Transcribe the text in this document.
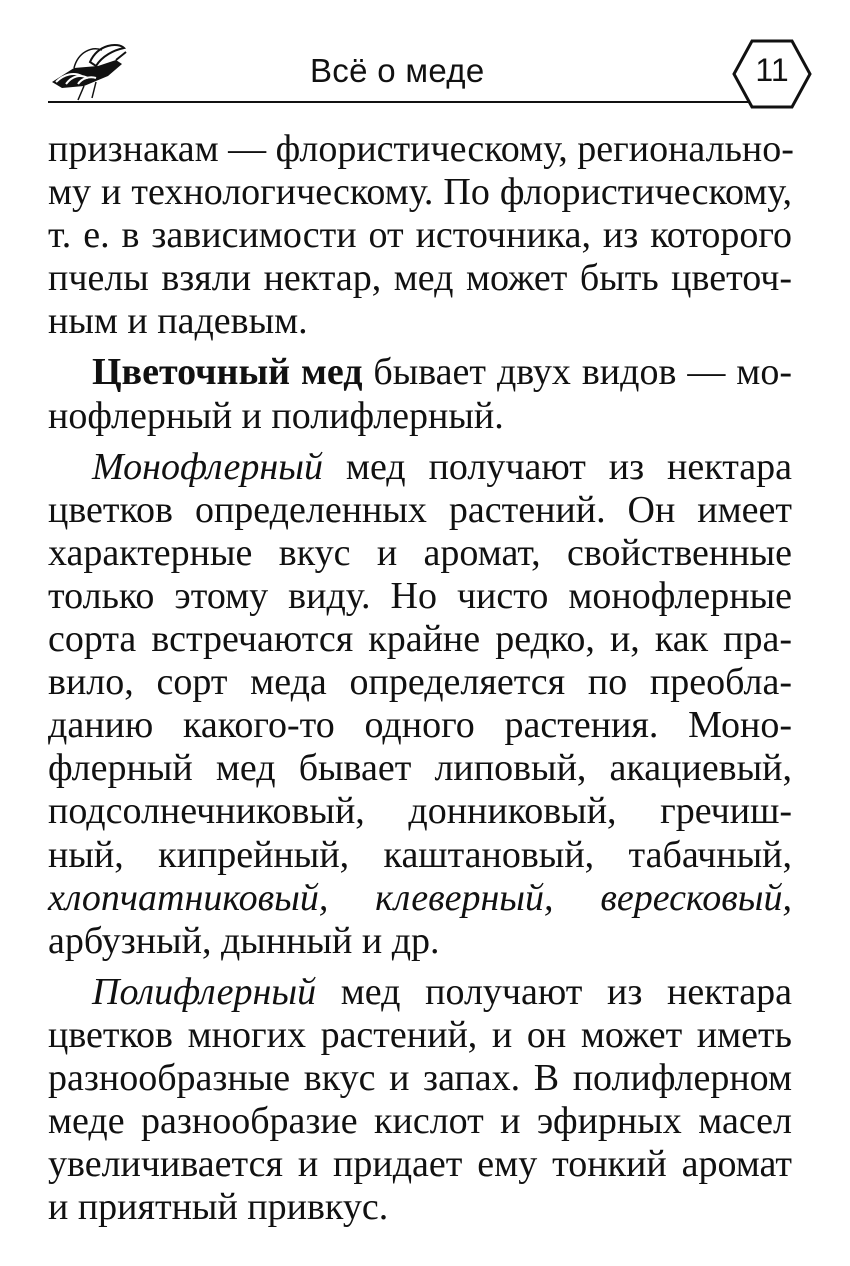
Всё о меде	11
признакам — флористическому, регионально-
му и технологическому. По флористическому,
т. е. в зависимости от источника, из которого
пчелы взяли нектар, мед может быть цветоч-
ным и падевым.
Цветочный мед бывает двух видов — мо-
нофлерный и полифлерный.
Монофлерный мед получают из нектара
цветков определенных растений. Он имеет
характерные вкус и аромат, свойственные
только этому виду. Но чисто монофлерные
сорта встречаются крайне редко, и, как пра-
вило, сорт меда определяется по преобла-
данию какого-то одного растения. Моно-
флерный мед бывает липовый, акациевый,
подсолнечниковый, донниковый, гречиш-
ный, кипрейный, каштановый, табачный,
хлопчатниковый, клеверный, вересковый,
арбузный, дынный и др.
Полифлерный мед получают из нектара
цветков многих растений, и он может иметь
разнообразные вкус и запах. В полифлерном
меде разнообразие кислот и эфирных масел
увеличивается и придает ему тонкий аромат
и приятный привкус.
